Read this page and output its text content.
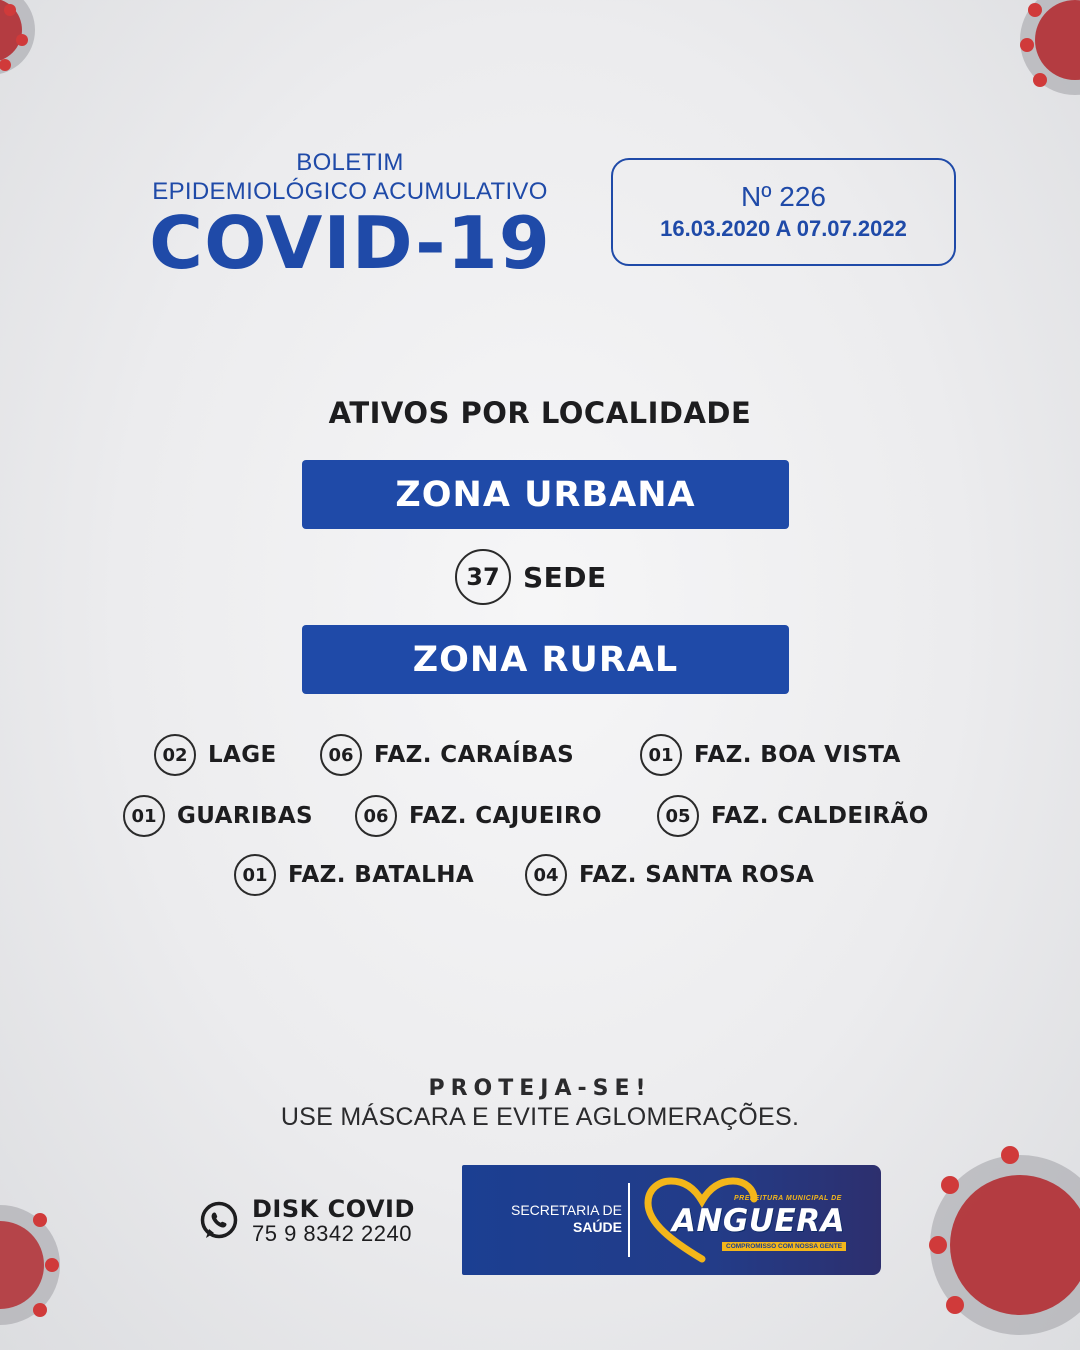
BOLETIM
EPIDEMIOLÓGICO ACUMULATIVO
COVID-19
Nº 226
16.03.2020 A 07.07.2022
ATIVOS POR LOCALIDADE
ZONA URBANA
37 SEDE
ZONA RURAL
02 LAGE	06 FAZ. CARAÍBAS	01 FAZ. BOA VISTA
01 GUARIBAS	06 FAZ. CAJUEIRO	05 FAZ. CALDEIRÃO
01 FAZ. BATALHA	04 FAZ. SANTA ROSA
PROTEJA-SE!
USE MÁSCARA E EVITE AGLOMERAÇÕES.
DISK COVID
75 9 8342 2240
SECRETARIA DE
SAÚDE
PREFEITURA MUNICIPAL DE
ANGUERA
COMPROMISSO COM NOSSA GENTE
